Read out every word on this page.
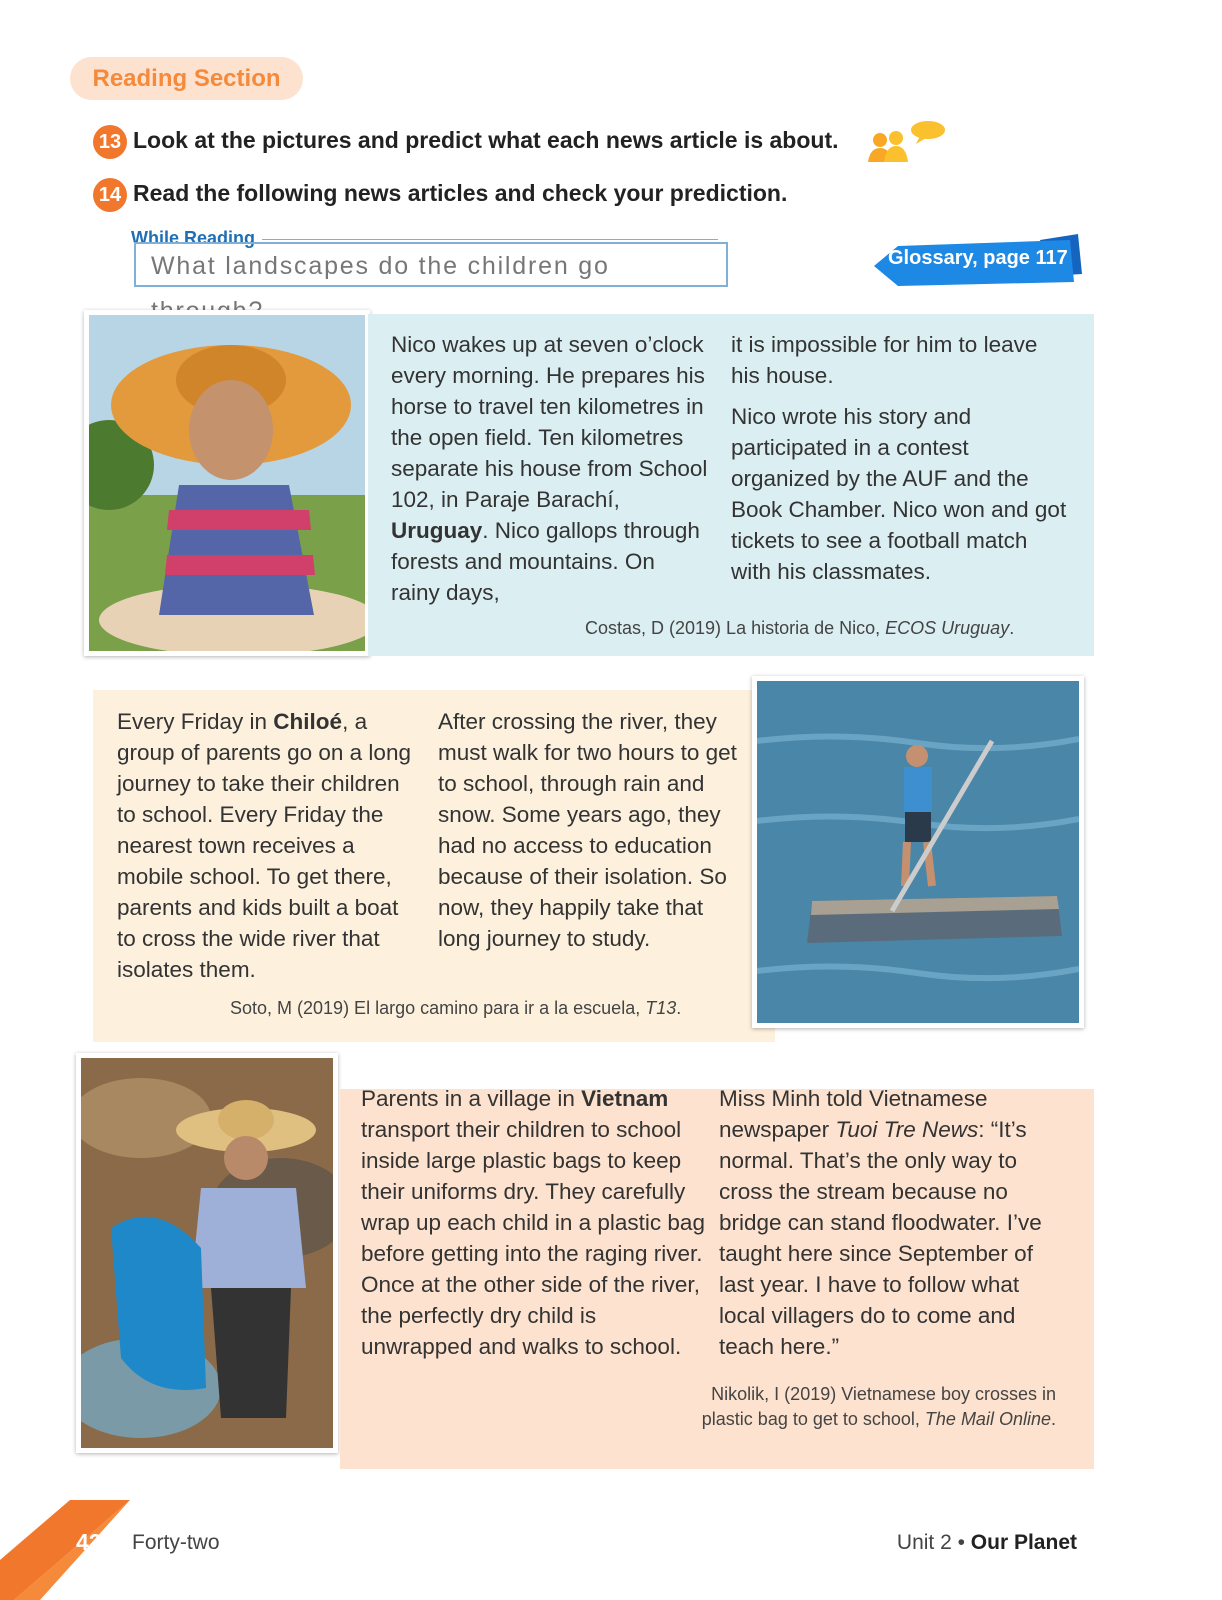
Reading Section
13 Look at the pictures and predict what each news article is about.
14 Read the following news articles and check your prediction.
While Reading
What landscapes do the children go	Glossary, page 117
Nico wakes up at seven o’clock every morning. He prepares his horse to travel ten kilometres in the open field. Ten kilometres separate his house from School 102, in Paraje Barachí, Uruguay. Nico gallops through forests and mountains. On rainy days,
it is impossible for him to leave his house.
Nico wrote his story and participated in a contest organized by the AUF and the Book Chamber. Nico won and got tickets to see a football match with his classmates.
Costas, D (2019) La historia de Nico, ECOS Uruguay.
Every Friday in Chiloé, a group of parents go on a long journey to take their children to school. Every Friday the nearest town receives a mobile school. To get there, parents and kids built a boat to cross the wide river that isolates them.
After crossing the river, they must walk for two hours to get to school, through rain and snow. Some years ago, they had no access to education because of their isolation. So now, they happily take that long journey to study.
Soto, M (2019) El largo camino para ir a la escuela, T13.
Parents in a village in Vietnam transport their children to school inside large plastic bags to keep their uniforms dry. They carefully wrap up each child in a plastic bag before getting into the raging river. Once at the other side of the river, the perfectly dry child is unwrapped and walks to school.
Miss Minh told Vietnamese newspaper Tuoi Tre News: “It’s normal. That’s the only way to cross the stream because no bridge can stand floodwater. I’ve taught here since September of last year. I have to follow what local villagers do to come and teach here.”
Nikolik, I (2019) Vietnamese boy crosses in plastic bag to get to school, The Mail Online.
42 Forty-two	Unit 2 • Our Planet
